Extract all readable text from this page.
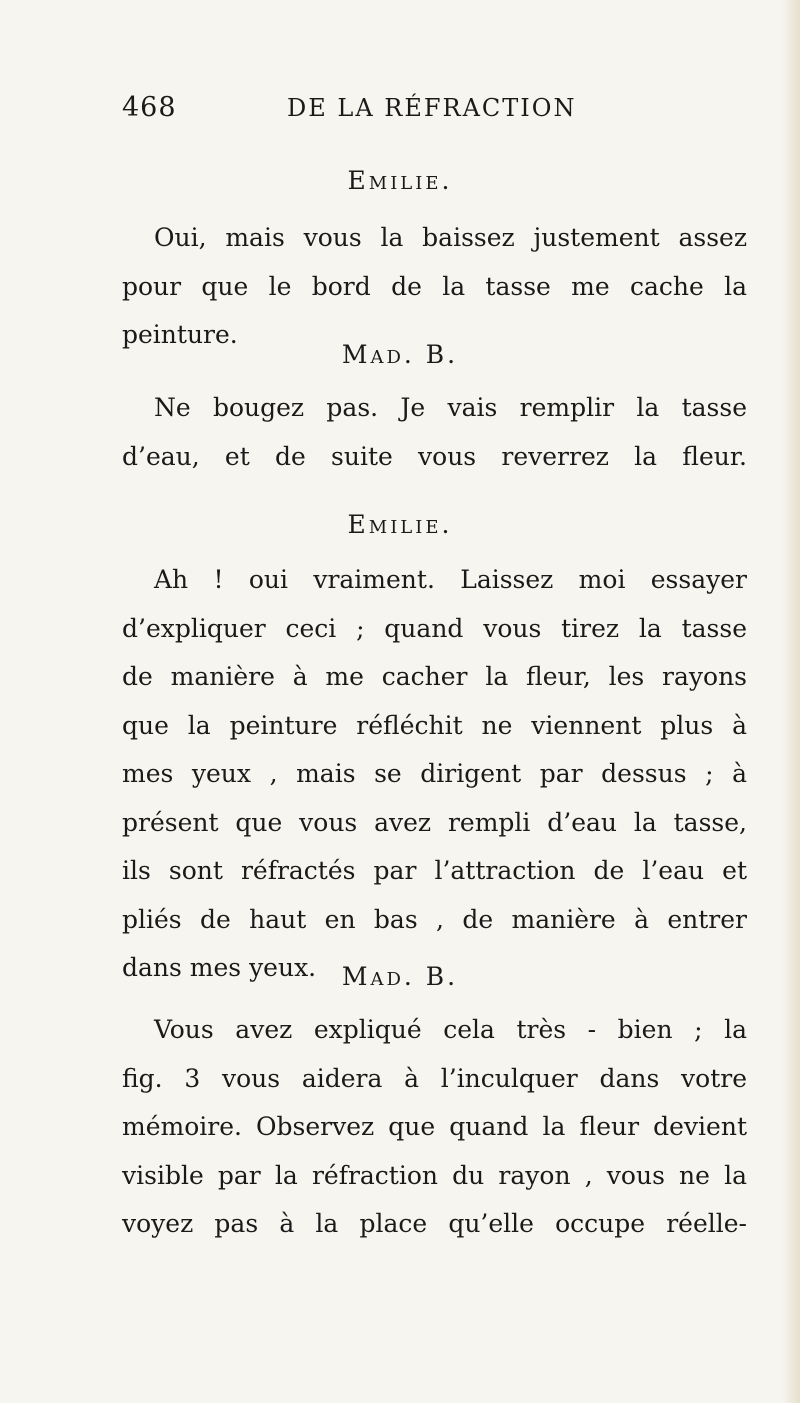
468	DE LA RÉFRACTION
Emilie.
Oui, mais vous la baissez justement assez
pour que le bord de la tasse me cache la
peinture.
Mad. B.
Ne bougez pas. Je vais remplir la tasse
d’eau, et de suite vous reverrez la fleur.
Emilie.
Ah ! oui vraiment. Laissez moi essayer
d’expliquer ceci ; quand vous tirez la tasse
de manière à me cacher la fleur, les rayons
que la peinture réfléchit ne viennent plus à
mes yeux , mais se dirigent par dessus ; à
présent que vous avez rempli d’eau la tasse,
ils sont réfractés par l’attraction de l’eau et
pliés de haut en bas , de manière à entrer
dans mes yeux.	Mad. B.
Vous avez expliqué cela très - bien ; la
fig. 3 vous aidera à l’inculquer dans votre
mémoire. Observez que quand la fleur devient
visible par la réfraction du rayon , vous ne la
voyez pas à la place qu’elle occupe réelle-
